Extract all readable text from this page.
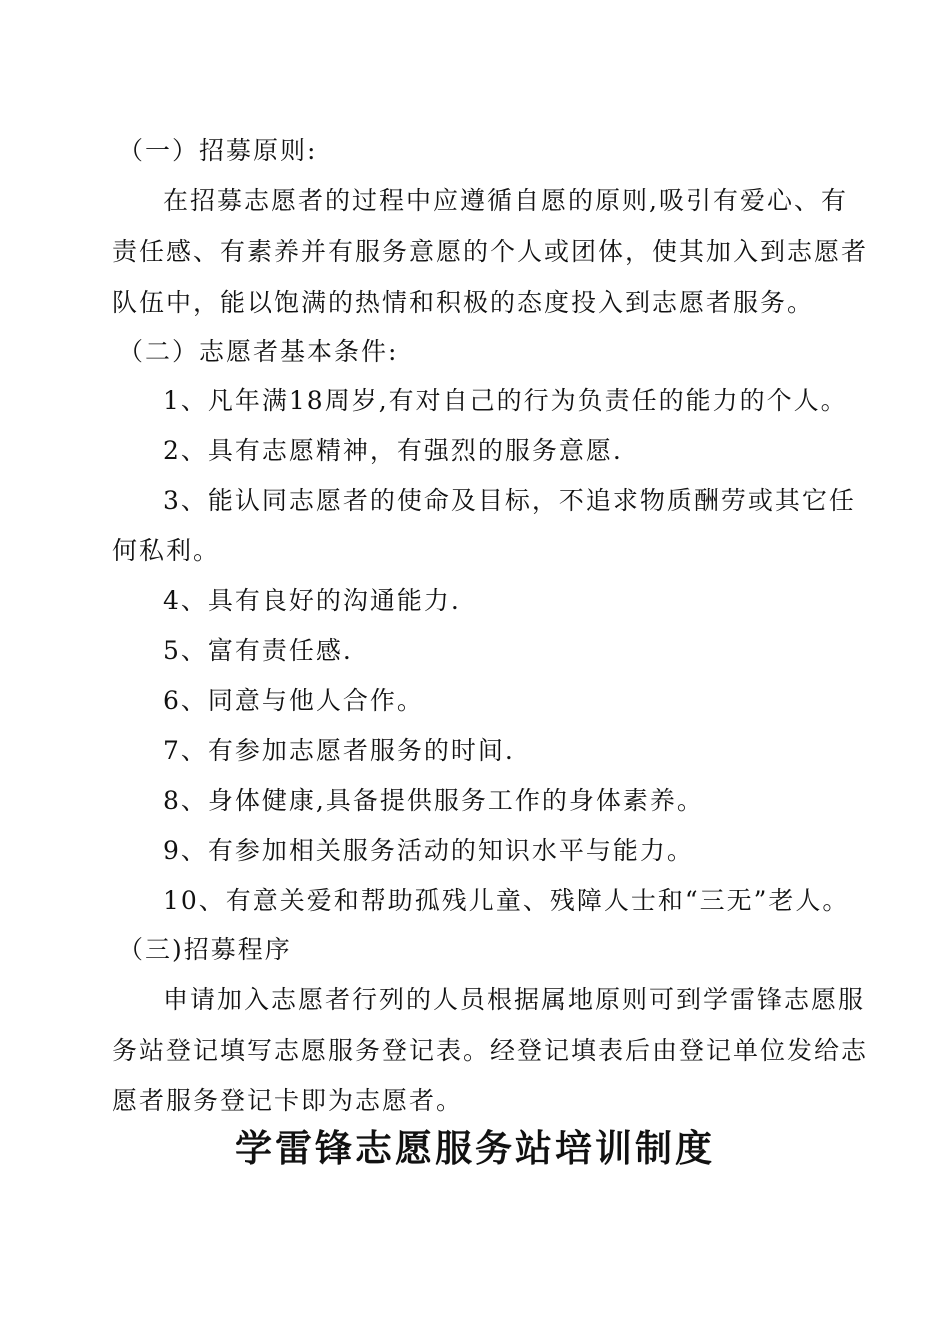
（一）招募原则:
在招募志愿者的过程中应遵循自愿的原则,吸引有爱心、有
责任感、有素养并有服务意愿的个人或团体，使其加入到志愿者
队伍中，能以饱满的热情和积极的态度投入到志愿者服务。
（二）志愿者基本条件:
1、凡年满18周岁,有对自己的行为负责任的能力的个人。
2、具有志愿精神，有强烈的服务意愿.
3、能认同志愿者的使命及目标，不追求物质酬劳或其它任
何私利。
4、具有良好的沟通能力.
5、富有责任感.
6、同意与他人合作。
7、有参加志愿者服务的时间.
8、身体健康,具备提供服务工作的身体素养。
9、有参加相关服务活动的知识水平与能力。
10、有意关爱和帮助孤残儿童、残障人士和“三无”老人。
（三)招募程序
申请加入志愿者行列的人员根据属地原则可到学雷锋志愿服
务站登记填写志愿服务登记表。经登记填表后由登记单位发给志
愿者服务登记卡即为志愿者。
学雷锋志愿服务站培训制度
